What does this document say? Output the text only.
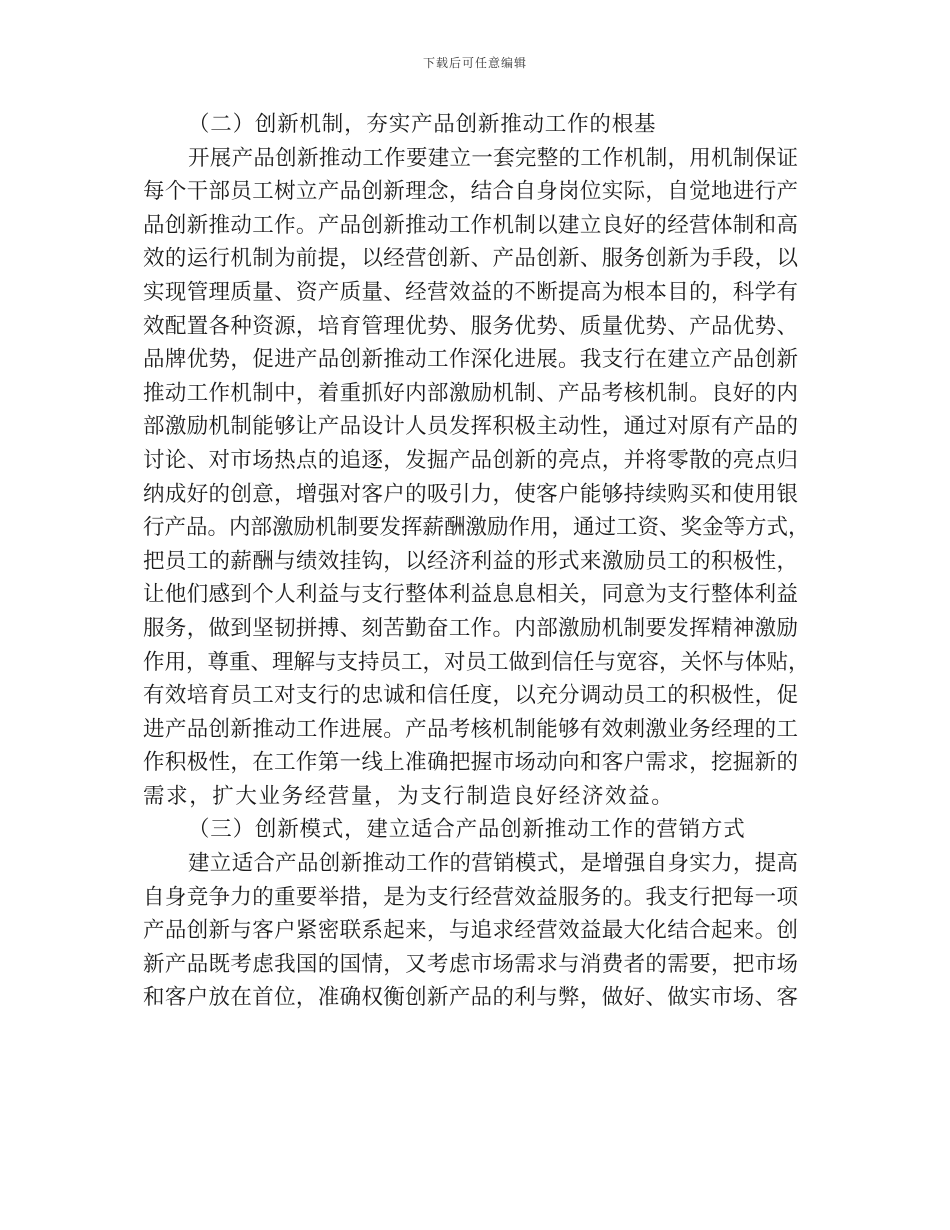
下载后可任意编辑
（二）创新机制，夯实产品创新推动工作的根基
开展产品创新推动工作要建立一套完整的工作机制，用机制保证
每个干部员工树立产品创新理念，结合自身岗位实际，自觉地进行产
品创新推动工作。产品创新推动工作机制以建立良好的经营体制和高
效的运行机制为前提，以经营创新、产品创新、服务创新为手段，以
实现管理质量、资产质量、经营效益的不断提高为根本目的，科学有
效配置各种资源，培育管理优势、服务优势、质量优势、产品优势、
品牌优势，促进产品创新推动工作深化进展。我支行在建立产品创新
推动工作机制中，着重抓好内部激励机制、产品考核机制。良好的内
部激励机制能够让产品设计人员发挥积极主动性，通过对原有产品的
讨论、对市场热点的追逐，发掘产品创新的亮点，并将零散的亮点归
纳成好的创意，增强对客户的吸引力，使客户能够持续购买和使用银
行产品。内部激励机制要发挥薪酬激励作用，通过工资、奖金等方式，
把员工的薪酬与绩效挂钩，以经济利益的形式来激励员工的积极性，
让他们感到个人利益与支行整体利益息息相关，同意为支行整体利益
服务，做到坚韧拼搏、刻苦勤奋工作。内部激励机制要发挥精神激励
作用，尊重、理解与支持员工，对员工做到信任与宽容，关怀与体贴，
有效培育员工对支行的忠诚和信任度，以充分调动员工的积极性，促
进产品创新推动工作进展。产品考核机制能够有效刺激业务经理的工
作积极性，在工作第一线上准确把握市场动向和客户需求，挖掘新的
需求，扩大业务经营量，为支行制造良好经济效益。
（三）创新模式，建立适合产品创新推动工作的营销方式
建立适合产品创新推动工作的营销模式，是增强自身实力，提高
自身竞争力的重要举措，是为支行经营效益服务的。我支行把每一项
产品创新与客户紧密联系起来，与追求经营效益最大化结合起来。创
新产品既考虑我国的国情，又考虑市场需求与消费者的需要，把市场
和客户放在首位，准确权衡创新产品的利与弊，做好、做实市场、客
